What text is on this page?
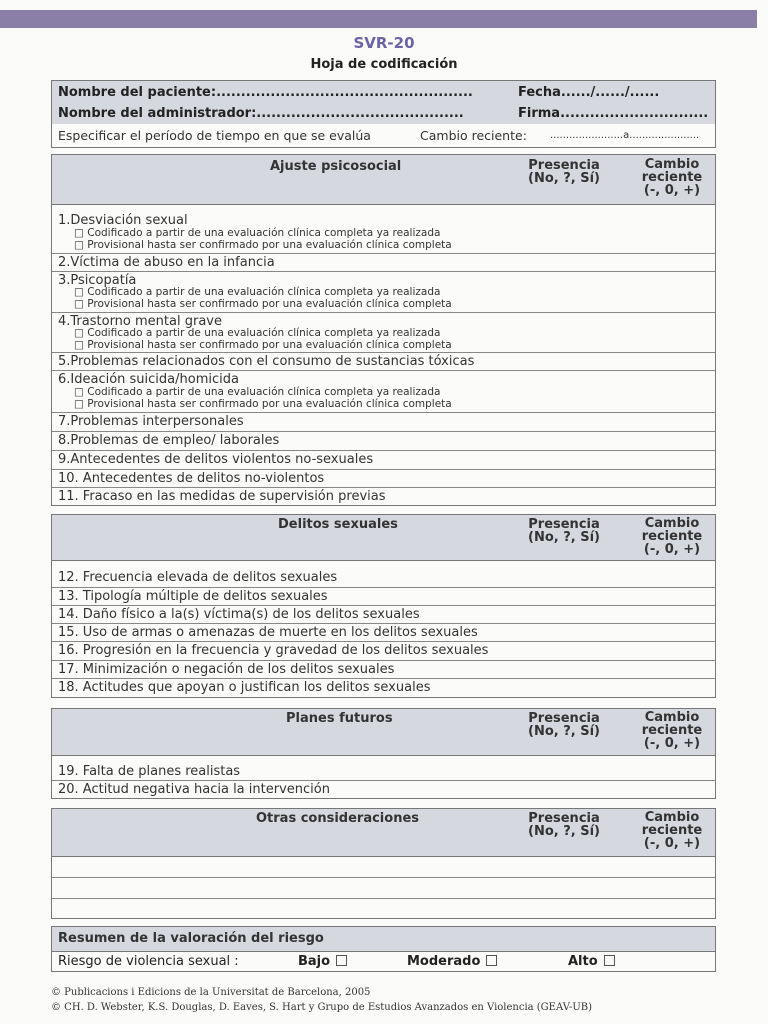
SVR-20
Hoja de codificación
Nombre del paciente:....................................................	Fecha....../....../......
Nombre del administrador:..........................................	Firma..............................
Especificar el período de tiempo en que se evalúa	Cambio reciente: .......................a......................
Ajuste psicosocial	Presencia
(No, ?, Sí)
Cambio
reciente
(-, 0, +)
1.Desviación sexual
□ Codificado a partir de una evaluación clínica completa ya realizada
□ Provisional hasta ser confirmado por una evaluación clínica completa
2.Víctima de abuso en la infancia
3.Psicopatía
□ Codificado a partir de una evaluación clínica completa ya realizada
□ Provisional hasta ser confirmado por una evaluación clínica completa
4.Trastorno mental grave
□ Codificado a partir de una evaluación clínica completa ya realizada
□ Provisional hasta ser confirmado por una evaluación clínica completa
5.Problemas relacionados con el consumo de sustancias tóxicas
6.Ideación suicida/homicida
□ Codificado a partir de una evaluación clínica completa ya realizada
□ Provisional hasta ser confirmado por una evaluación clínica completa
7.Problemas interpersonales
8.Problemas de empleo/ laborales
9.Antecedentes de delitos violentos no-sexuales
10. Antecedentes de delitos no-violentos
11. Fracaso en las medidas de supervisión previas
Delitos sexuales	Presencia
(No, ?, Sí)
Cambio
reciente
(-, 0, +)
12. Frecuencia elevada de delitos sexuales
13. Tipología múltiple de delitos sexuales
14. Daño físico a la(s) víctima(s) de los delitos sexuales
15. Uso de armas o amenazas de muerte en los delitos sexuales
16. Progresión en la frecuencia y gravedad de los delitos sexuales
17. Minimización o negación de los delitos sexuales
18. Actitudes que apoyan o justifican los delitos sexuales
Planes futuros	Presencia
(No, ?, Sí)
Cambio
reciente
(-, 0, +)
19. Falta de planes realistas
20. Actitud negativa hacia la intervención
Otras consideraciones	Presencia
(No, ?, Sí)
Cambio
reciente
(-, 0, +)
Resumen de la valoración del riesgo
Riesgo de violencia sexual :	Bajo	Moderado	Alto
© Publicacions i Edicions de la Universitat de Barcelona, 2005
© CH. D. Webster, K.S. Douglas, D. Eaves, S. Hart y Grupo de Estudios Avanzados en Violencia (GEAV-UB)
